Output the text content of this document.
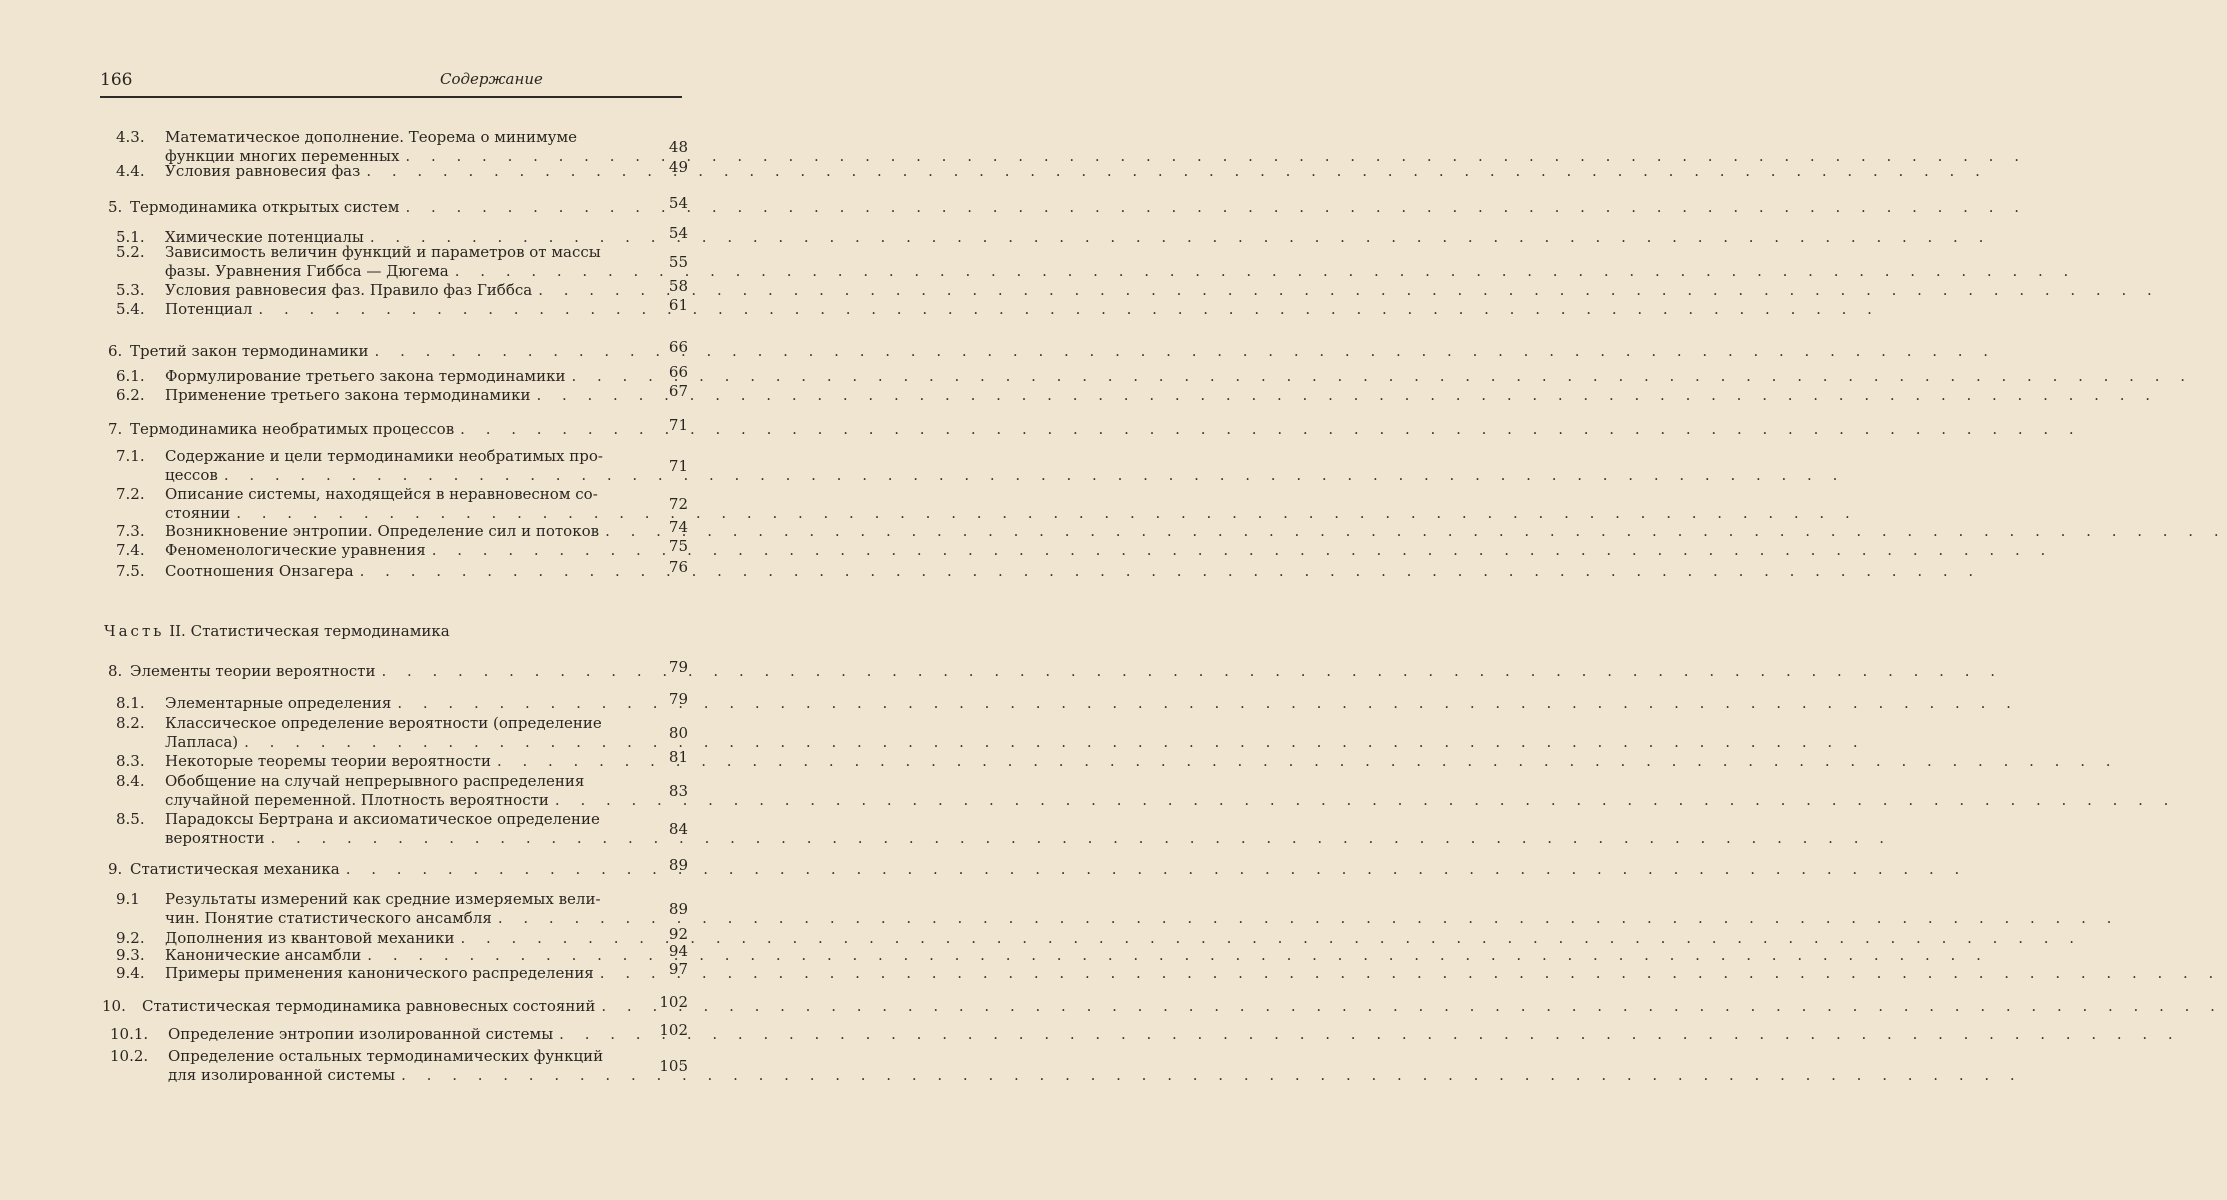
166	Содержание
4.3. Математическое дополнение. Теорема о минимуме
функции многих переменных . . .	48
4.4. Условия равновесия фаз . . .	49
5. Термодинамика открытых систем . . .	54
5.1. Химические потенциалы . . .	54
5.2. Зависимость величин функций и параметров от массы
фазы. Уравнения Гиббса — Дюгема . . .	55
5.3. Условия равновесия фаз. Правило фаз Гиббса . . .	58
5.4. Потенциал . . .	61
6. Третий закон термодинамики . . .	66
6.1. Формулирование третьего закона термодинамики . . .	66
6.2. Применение третьего закона термодинамики . . .	67
7. Термодинамика необратимых процессов . . .	71
7.1. Содержание и цели термодинамики необратимых про-
цессов . . .	71
7.2. Описание системы, находящейся в неравновесном со-
стоянии . . .	72
7.3. Возникновение энтропии. Определение сил и потоков . . .	74
7.4. Феноменологические уравнения . . .	75
7.5. Соотношения Онзагера . . .	76
8. Элементы теории вероятности . . .	79
8.1. Элементарные определения . . .	79
8.2. Классическое определение вероятности (определение
Лапласа) . . .	80
8.3. Некоторые теоремы теории вероятности . . .	81
8.4. Обобщение на случай непрерывного распределения
случайной переменной. Плотность вероятности . . .	83
8.5. Парадоксы Бертрана и аксиоматическое определение
вероятности . . .	84
9. Статистическая механика . . .	89
9.1 Результаты измерений как средние измеряемых вели-
чин. Понятие статистического ансамбля . . .	89
9.2. Дополнения из квантовой механики . . .	92
9.3. Канонические ансамбли . . .	94
9.4. Примеры применения канонического распределения . . .	97
10. Статистическая термодинамика равновесных состояний . . .	102
10.1. Определение энтропии изолированной системы . . .	102
10.2. Определение остальных термодинамических функций
для изолированной системы . . .	105
Часть II. Статистическая термодинамика
